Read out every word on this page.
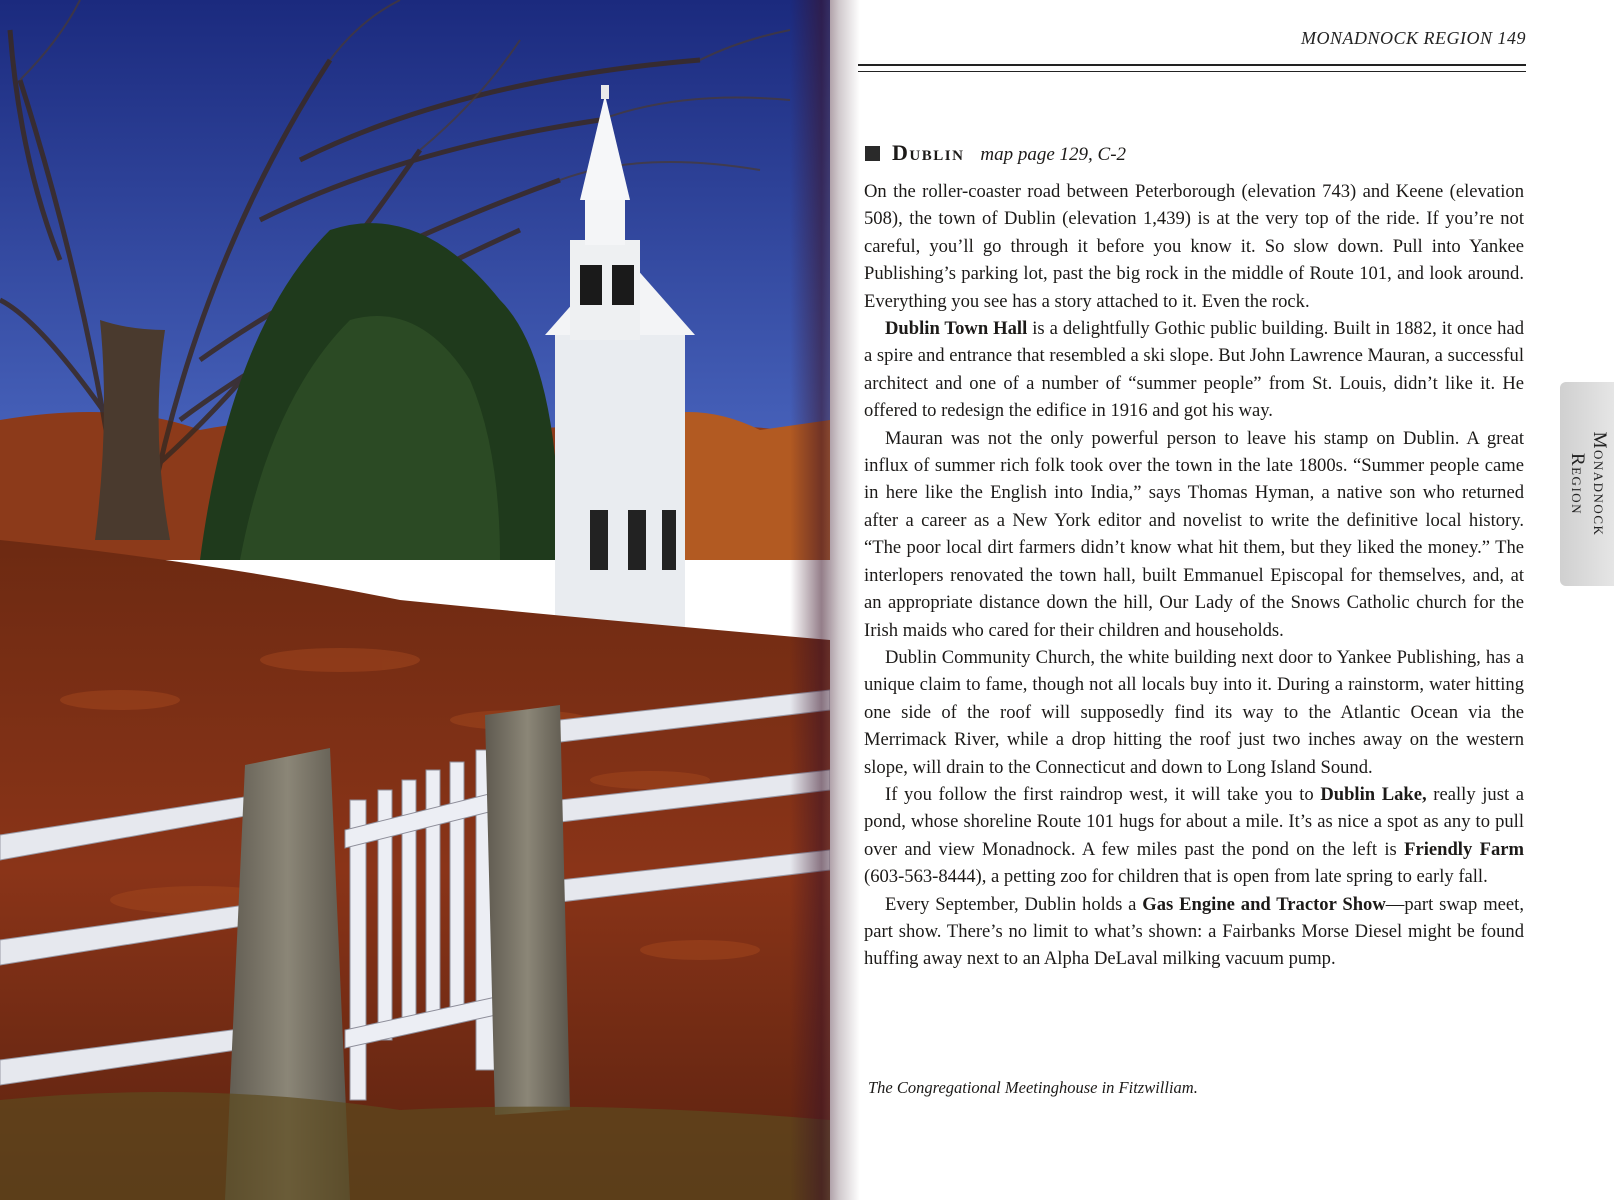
MONADNOCK REGION 149
Dublin map page 129, C-2

On the roller-coaster road between Peterborough (elevation 743) and Keene (elevation 508), the town of Dublin (elevation 1,439) is at the very top of the ride. If you’re not careful, you’ll go through it before you know it. So slow down. Pull into Yankee Publishing’s parking lot, past the big rock in the middle of Route 101, and look around. Everything you see has a story attached to it. Even the rock.

Dublin Town Hall is a delightfully Gothic public building. Built in 1882, it once had a spire and entrance that resembled a ski slope. But John Lawrence Mauran, a successful architect and one of a number of “summer people” from St. Louis, didn’t like it. He offered to redesign the edifice in 1916 and got his way.

Mauran was not the only powerful person to leave his stamp on Dublin. A great influx of summer rich folk took over the town in the late 1800s. “Summer people came in here like the English into India,” says Thomas Hyman, a native son who returned after a career as a New York editor and novelist to write the definitive local history. “The poor local dirt farmers didn’t know what hit them, but they liked the money.” The interlopers renovated the town hall, built Emmanuel Episcopal for themselves, and, at an appropriate distance down the hill, Our Lady of the Snows Catholic church for the Irish maids who cared for their children and households.

Dublin Community Church, the white building next door to Yankee Publishing, has a unique claim to fame, though not all locals buy into it. During a rainstorm, water hitting one side of the roof will supposedly find its way to the Atlantic Ocean via the Merrimack River, while a drop hitting the roof just two inches away on the western slope, will drain to the Connecticut and down to Long Island Sound.

If you follow the first raindrop west, it will take you to Dublin Lake, really just a pond, whose shoreline Route 101 hugs for about a mile. It’s as nice a spot as any to pull over and view Monadnock. A few miles past the pond on the left is Friendly Farm (603-563-8444), a petting zoo for children that is open from late spring to early fall.

Every September, Dublin holds a Gas Engine and Tractor Show—part swap meet, part show. There’s no limit to what’s shown: a Fairbanks Morse Diesel might be found huffing away next to an Alpha DeLaval milking vacuum pump.

The Congregational Meetinghouse in Fitzwilliam.
Monadnock
Region
